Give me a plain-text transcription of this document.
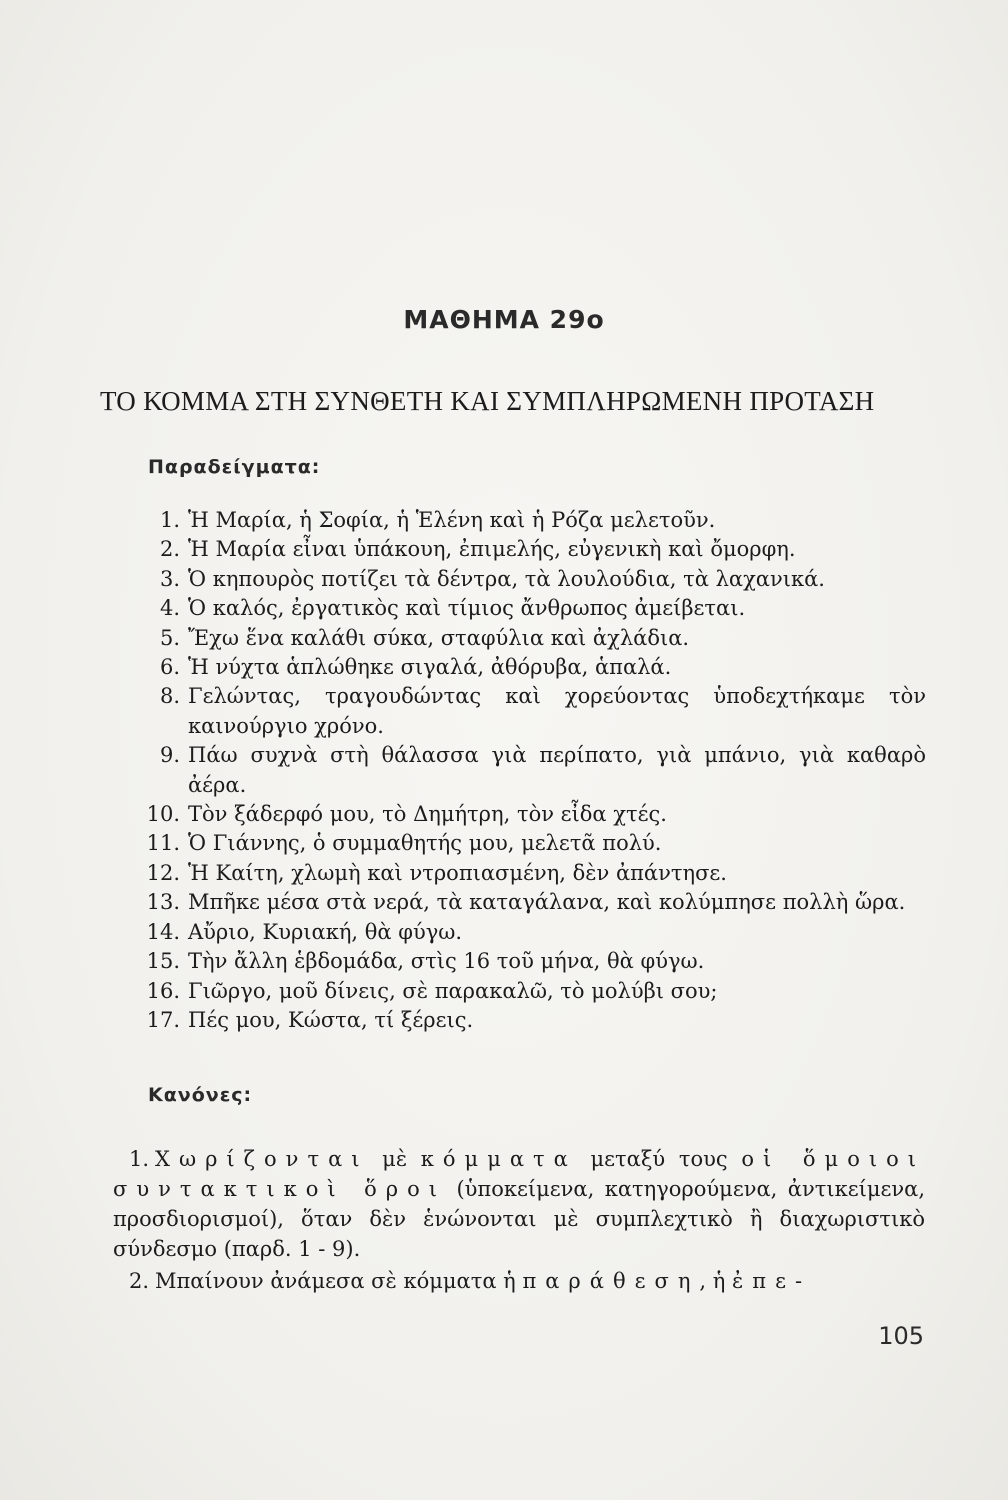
ΜΑΘΗΜΑ 29ο
ΤΟ ΚΟΜΜΑ ΣΤΗ ΣΥΝΘΕΤΗ ΚΑΙ ΣΥΜΠΛΗΡΩΜΕΝΗ ΠΡΟΤΑΣΗ
Παραδείγματα:
1. Ἡ Μαρία, ἡ Σοφία, ἡ Ἑλένη καὶ ἡ Ρόζα μελετοῦν.
2. Ἡ Μαρία εἶναι ὑπάκουη, ἐπιμελής, εὐγενικὴ καὶ ὄμορφη.
3. Ὁ κηπουρὸς ποτίζει τὰ δέντρα, τὰ λουλούδια, τὰ λαχανικά.
4. Ὁ καλός, ἐργατικὸς καὶ τίμιος ἄνθρωπος ἀμείβεται.
5. Ἔχω ἕνα καλάθι σύκα, σταφύλια καὶ ἀχλάδια.
6. Ἡ νύχτα ἁπλώθηκε σιγαλά, ἀθόρυβα, ἁπαλά.
8. Γελώντας, τραγουδώντας καὶ χορεύοντας ὑποδεχτήκαμε τὸν καινούργιο χρόνο.
9. Πάω συχνὰ στὴ θάλασσα γιὰ περίπατο, γιὰ μπάνιο, γιὰ καθαρὸ ἀέρα.
10. Τὸν ξάδερφό μου, τὸ Δημήτρη, τὸν εἶδα χτές.
11. Ὁ Γιάννης, ὁ συμμαθητής μου, μελετᾶ πολύ.
12. Ἡ Καίτη, χλωμὴ καὶ ντροπιασμένη, δὲν ἀπάντησε.
13. Μπῆκε μέσα στὰ νερά, τὰ καταγάλανα, καὶ κολύμπησε πολλὴ ὥρα.
14. Αὔριο, Κυριακή, θὰ φύγω.
15. Τὴν ἄλλη ἑβδομάδα, στὶς 16 τοῦ μήνα, θὰ φύγω.
16. Γιῶργο, μοῦ δίνεις, σὲ παρακαλῶ, τὸ μολύβι σου;
17. Πές μου, Κώστα, τί ξέρεις.
Κανόνες:

1. Χωρίζονται μὲ κόμματα μεταξύ τους οἱ ὅμοιοι συντακτικοὶ ὅροι (ὑποκείμενα, κατηγορούμενα, ἀντικείμενα, προσδιορισμοί), ὅταν δὲν ἑνώνονται μὲ συμπλεχτικὸ ἢ διαχωριστικὸ σύνδεσμο (παρδ. 1 - 9).

2. Μπαίνουν ἀνάμεσα σὲ κόμματα ἡ παράθεση, ἡ ἐπε-

105
